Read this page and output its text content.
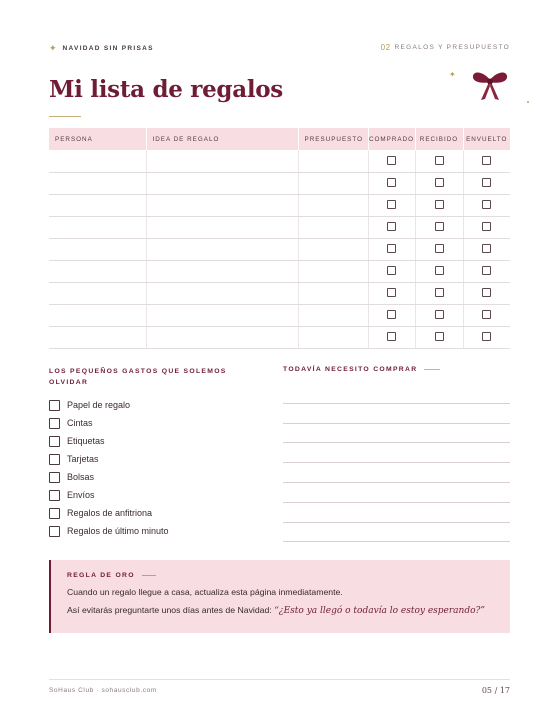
✦ NAVIDAD SIN PRISAS	02 REGALOS Y PRESUPUESTO
Mi lista de regalos
✦
PERSONA	IDEA DE REGALO	PRESUPUESTO	COMPRADO	RECIBIDO	ENVUELTO

LOS PEQUEÑOS GASTOS QUE SOLEMOS OLVIDAR
Papel de regalo
Cintas
Etiquetas
Tarjetas
Bolsas
Envíos
Regalos de anfitriona
Regalos de último minuto
TODAVÍA NECESITO COMPRAR
REGLA DE ORO

Cuando un regalo llegue a casa, actualiza esta página inmediatamente.

Así evitarás preguntarte unos días antes de Navidad: “¿Esto ya llegó o todavía lo estoy esperando?”

SoHaus Club · sohausclub.com	05 / 17
